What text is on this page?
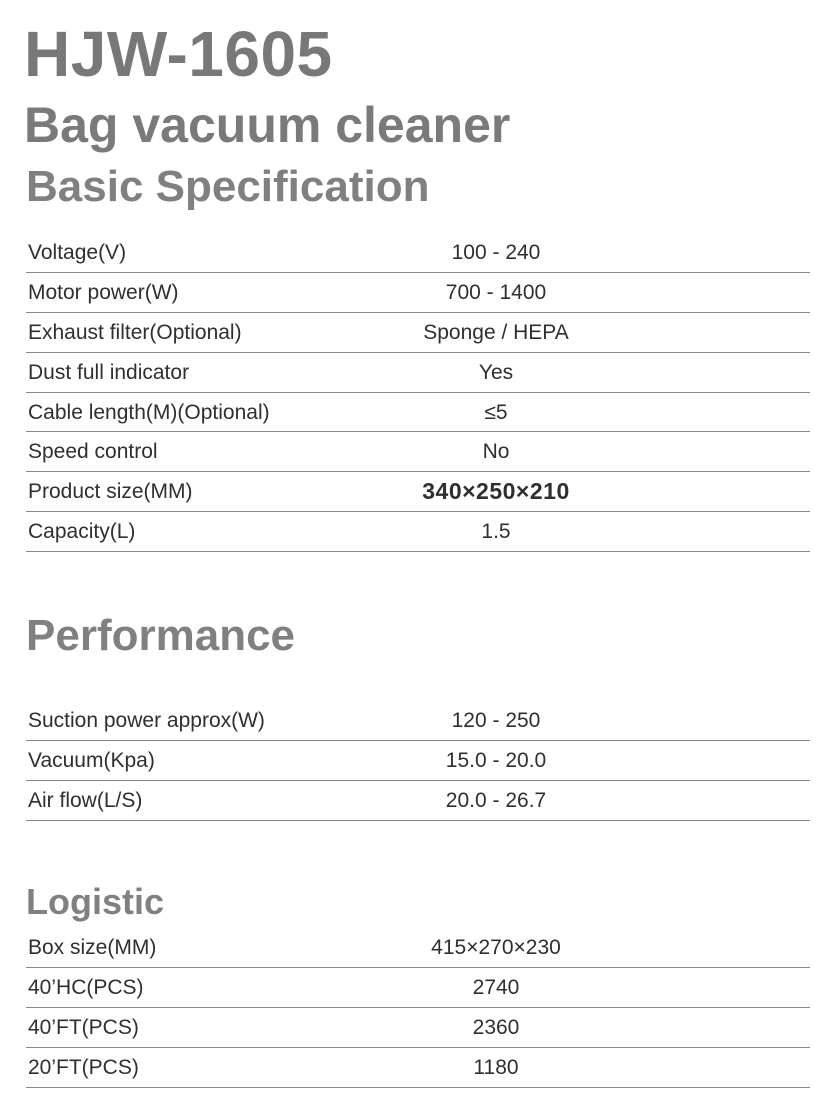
HJW-1605
Bag vacuum cleaner
Basic Specification
Voltage(V)	100 - 240
Motor power(W)	700 - 1400
Exhaust filter(Optional)	Sponge / HEPA
Dust full indicator	Yes
Cable length(M)(Optional)	≤5
Speed control	No
Product size(MM)	340×250×210
Capacity(L)	1.5
Performance
Suction power approx(W)	120 - 250
Vacuum(Kpa)	15.0 - 20.0
Air flow(L/S)	20.0 - 26.7
Logistic
Box size(MM)	415×270×230
40’HC(PCS)	2740
40’FT(PCS)	2360
20’FT(PCS)	1180
